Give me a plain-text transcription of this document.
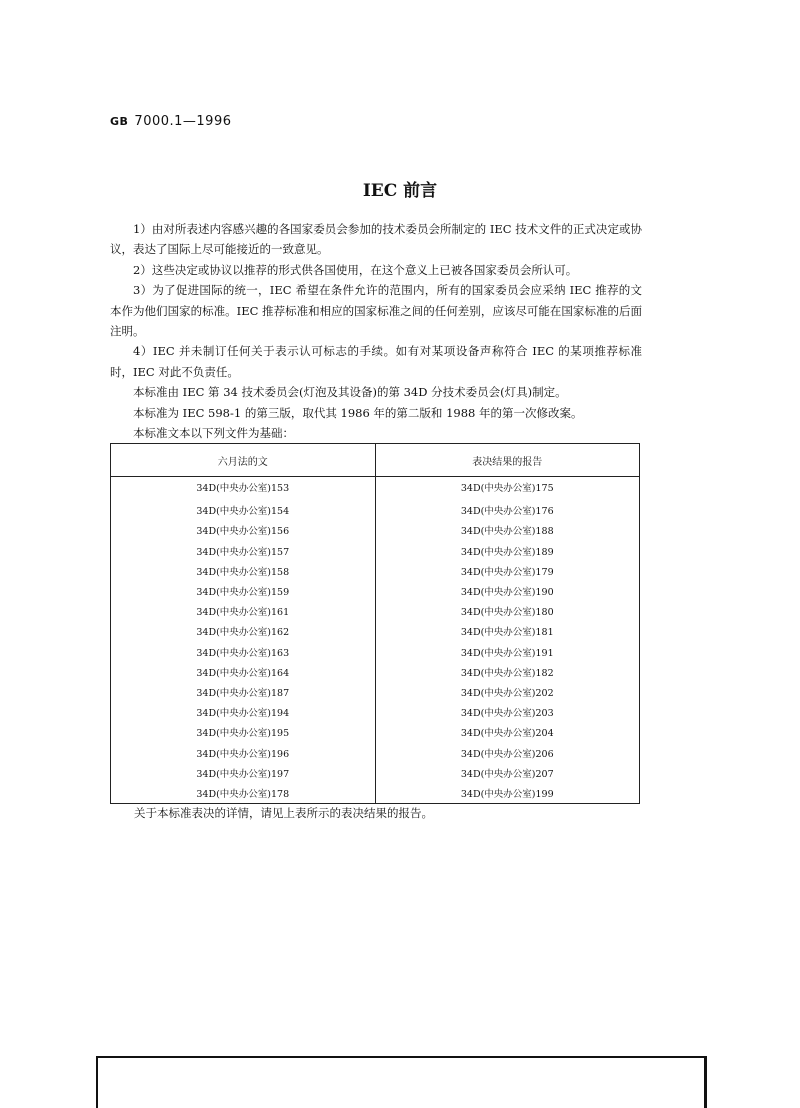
GB 7000.1—1996
IEC 前言

1）由对所表述内容感兴趣的各国家委员会参加的技术委员会所制定的 IEC 技术文件的正式决定或协议，表达了国际上尽可能接近的一致意见。

2）这些决定或协议以推荐的形式供各国使用，在这个意义上已被各国家委员会所认可。

3）为了促进国际的统一，IEC 希望在条件允许的范围内，所有的国家委员会应采纳 IEC 推荐的文本作为他们国家的标准。IEC 推荐标准和相应的国家标准之间的任何差别，应该尽可能在国家标准的后面注明。

4）IEC 并未制订任何关于表示认可标志的手续。如有对某项设备声称符合 IEC 的某项推荐标准时，IEC 对此不负责任。

本标准由 IEC 第 34 技术委员会(灯泡及其设备)的第 34D 分技术委员会(灯具)制定。

本标准为 IEC 598-1 的第三版，取代其 1986 年的第二版和 1988 年的第一次修改案。

本标准文本以下列文件为基础：

六月法的文	表决结果的报告
34D(中央办公室)153	34D(中央办公室)175
34D(中央办公室)154	34D(中央办公室)176
34D(中央办公室)156	34D(中央办公室)188
34D(中央办公室)157	34D(中央办公室)189
34D(中央办公室)158	34D(中央办公室)179
34D(中央办公室)159	34D(中央办公室)190
34D(中央办公室)161	34D(中央办公室)180
34D(中央办公室)162	34D(中央办公室)181
34D(中央办公室)163	34D(中央办公室)191
34D(中央办公室)164	34D(中央办公室)182
34D(中央办公室)187	34D(中央办公室)202
34D(中央办公室)194	34D(中央办公室)203
34D(中央办公室)195	34D(中央办公室)204
34D(中央办公室)196	34D(中央办公室)206
34D(中央办公室)197	34D(中央办公室)207
34D(中央办公室)178	34D(中央办公室)199
关于本标准表决的详情，请见上表所示的表决结果的报告。
